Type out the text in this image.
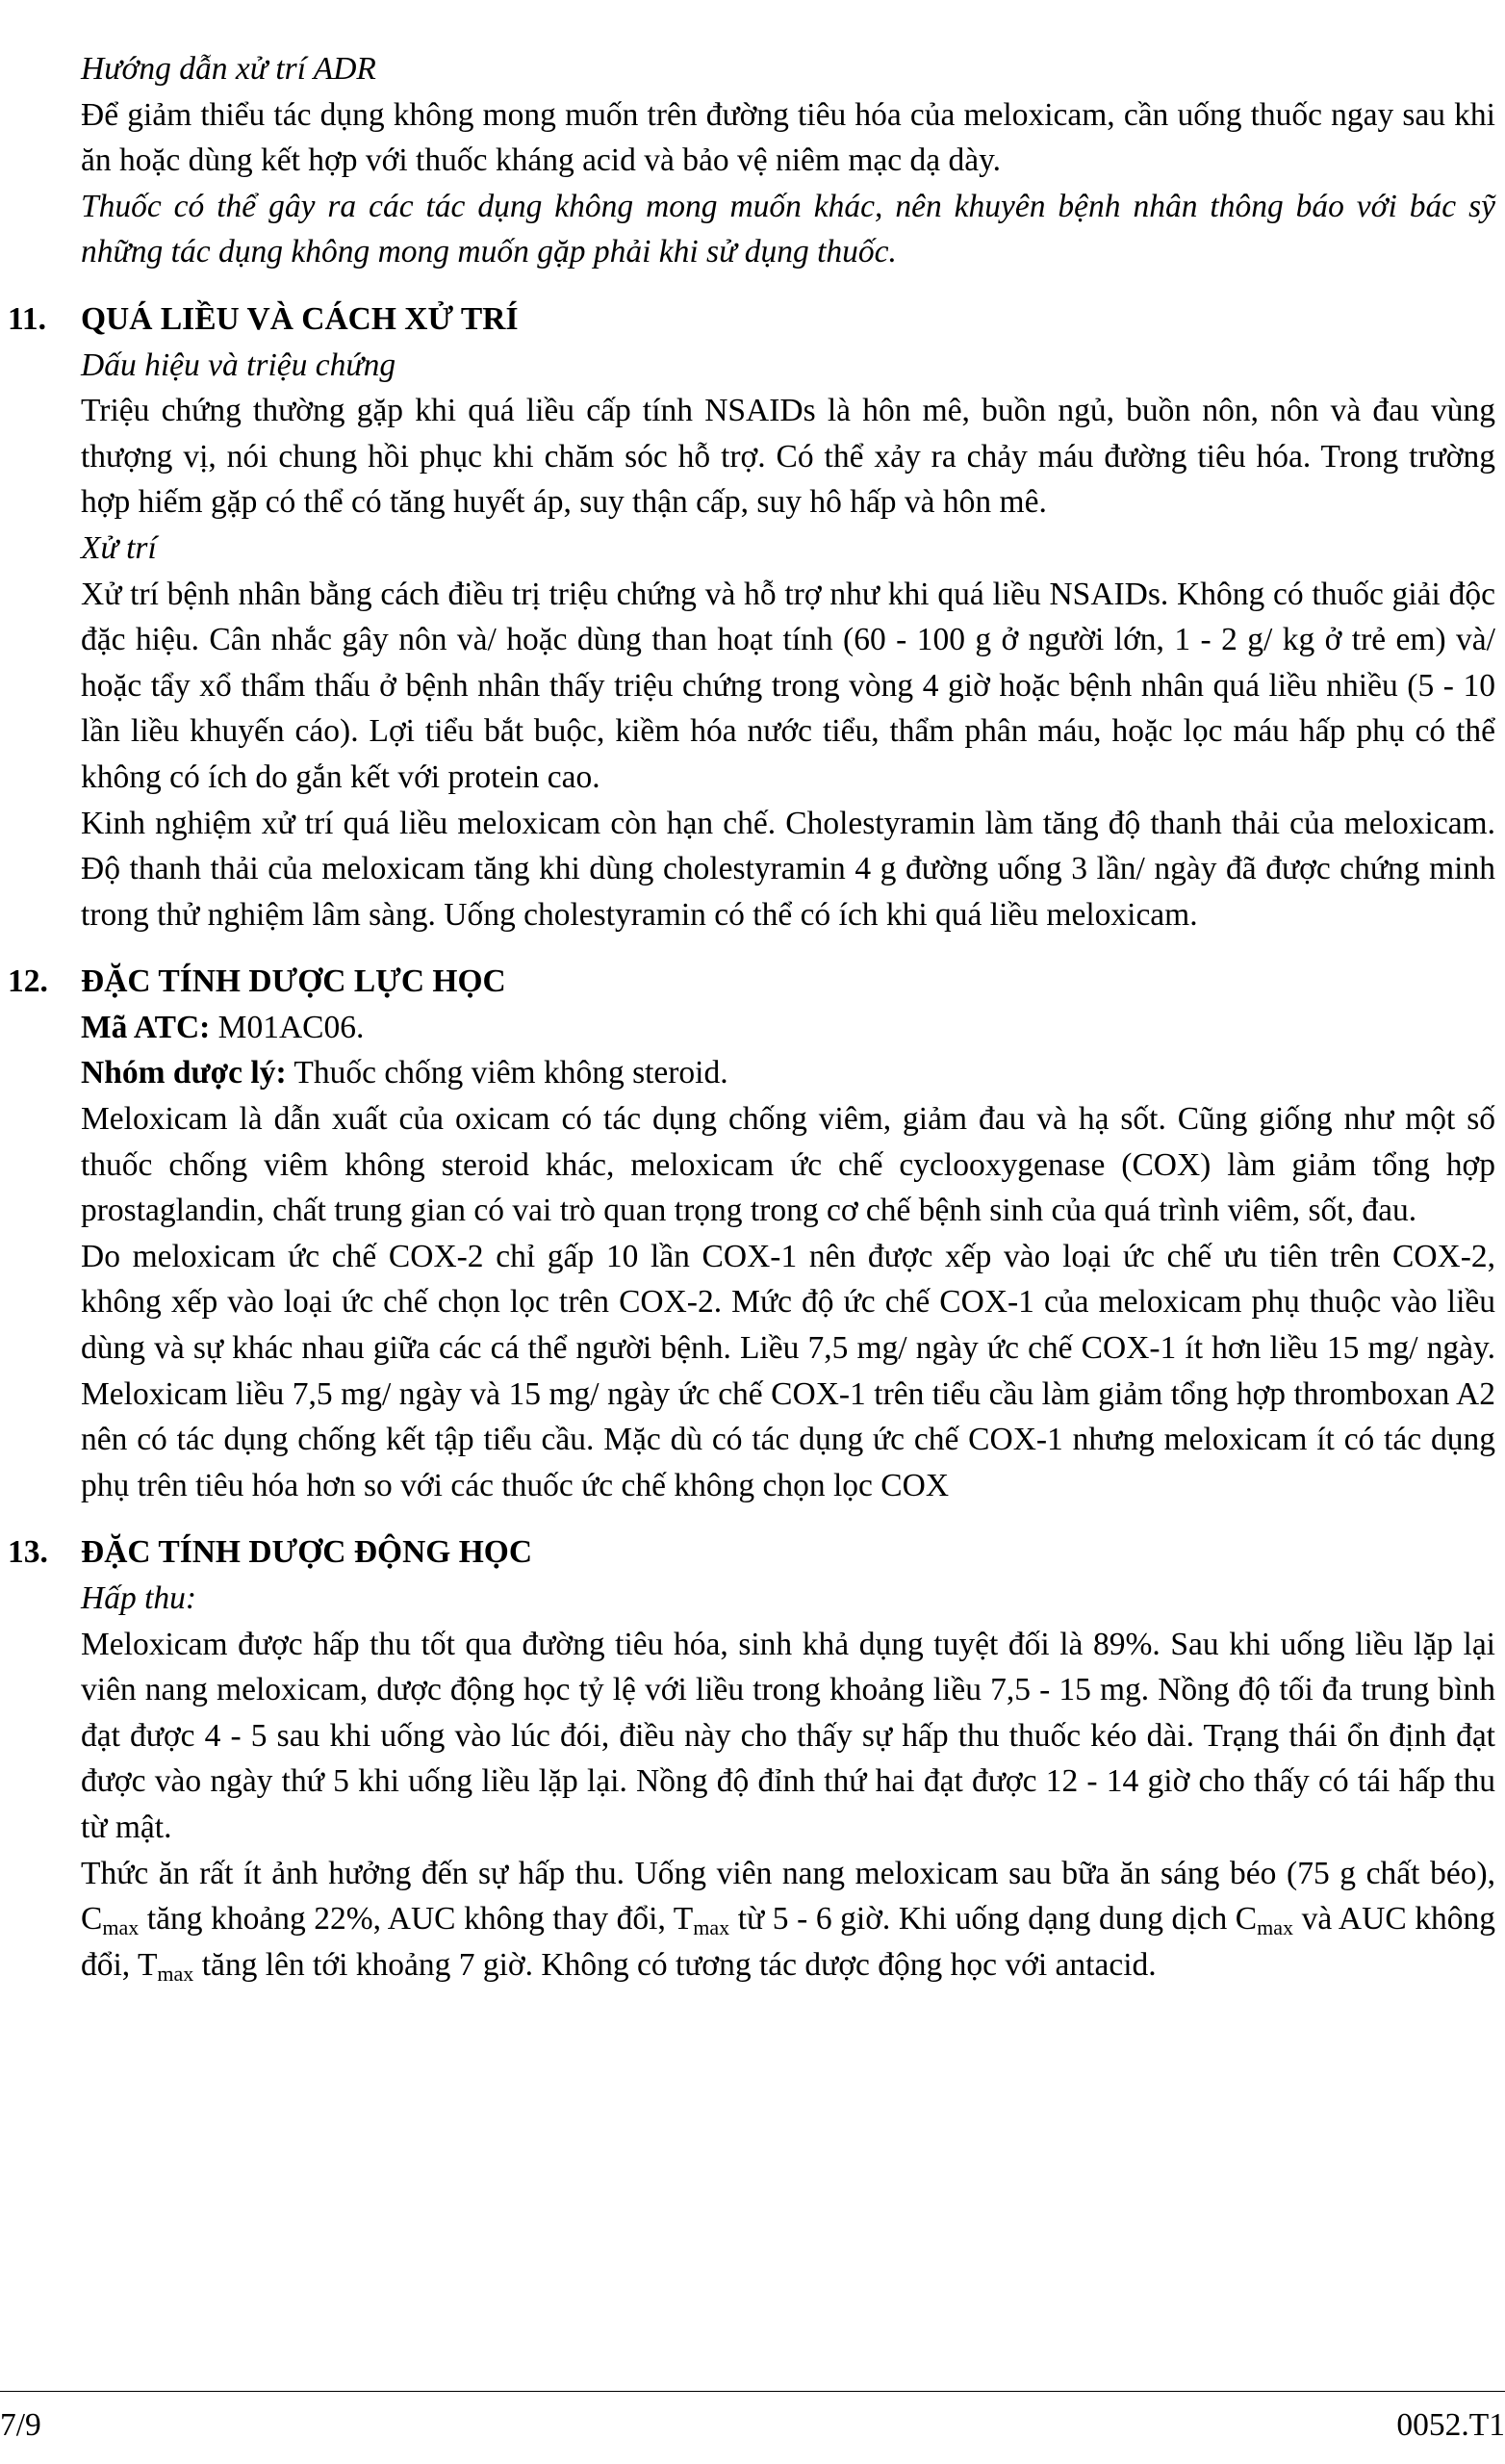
Hướng dẫn xử trí ADR

Để giảm thiểu tác dụng không mong muốn trên đường tiêu hóa của meloxicam, cần uống thuốc ngay sau khi ăn hoặc dùng kết hợp với thuốc kháng acid và bảo vệ niêm mạc dạ dày.

Thuốc có thể gây ra các tác dụng không mong muốn khác, nên khuyên bệnh nhân thông báo với bác sỹ những tác dụng không mong muốn gặp phải khi sử dụng thuốc.

11. QUÁ LIỀU VÀ CÁCH XỬ TRÍ
Dấu hiệu và triệu chứng

Triệu chứng thường gặp khi quá liều cấp tính NSAIDs là hôn mê, buồn ngủ, buồn nôn, nôn và đau vùng thượng vị, nói chung hồi phục khi chăm sóc hỗ trợ. Có thể xảy ra chảy máu đường tiêu hóa. Trong trường hợp hiếm gặp có thể có tăng huyết áp, suy thận cấp, suy hô hấp và hôn mê.

Xử trí

Xử trí bệnh nhân bằng cách điều trị triệu chứng và hỗ trợ như khi quá liều NSAIDs. Không có thuốc giải độc đặc hiệu. Cân nhắc gây nôn và/ hoặc dùng than hoạt tính (60 - 100 g ở người lớn, 1 - 2 g/ kg ở trẻ em) và/ hoặc tẩy xổ thẩm thấu ở bệnh nhân thấy triệu chứng trong vòng 4 giờ hoặc bệnh nhân quá liều nhiều (5 - 10 lần liều khuyến cáo). Lợi tiểu bắt buộc, kiềm hóa nước tiểu, thẩm phân máu, hoặc lọc máu hấp phụ có thể không có ích do gắn kết với protein cao.

Kinh nghiệm xử trí quá liều meloxicam còn hạn chế. Cholestyramin làm tăng độ thanh thải của meloxicam. Độ thanh thải của meloxicam tăng khi dùng cholestyramin 4 g đường uống 3 lần/ ngày đã được chứng minh trong thử nghiệm lâm sàng. Uống cholestyramin có thể có ích khi quá liều meloxicam.

12. ĐẶC TÍNH DƯỢC LỰC HỌC
Mã ATC: M01AC06.
Nhóm dược lý: Thuốc chống viêm không steroid.

Meloxicam là dẫn xuất của oxicam có tác dụng chống viêm, giảm đau và hạ sốt. Cũng giống như một số thuốc chống viêm không steroid khác, meloxicam ức chế cyclooxygenase (COX) làm giảm tổng hợp prostaglandin, chất trung gian có vai trò quan trọng trong cơ chế bệnh sinh của quá trình viêm, sốt, đau.

Do meloxicam ức chế COX-2 chỉ gấp 10 lần COX-1 nên được xếp vào loại ức chế ưu tiên trên COX-2, không xếp vào loại ức chế chọn lọc trên COX-2. Mức độ ức chế COX-1 của meloxicam phụ thuộc vào liều dùng và sự khác nhau giữa các cá thể người bệnh. Liều 7,5 mg/ ngày ức chế COX-1 ít hơn liều 15 mg/ ngày. Meloxicam liều 7,5 mg/ ngày và 15 mg/ ngày ức chế COX-1 trên tiểu cầu làm giảm tổng hợp thromboxan A2 nên có tác dụng chống kết tập tiểu cầu. Mặc dù có tác dụng ức chế COX-1 nhưng meloxicam ít có tác dụng phụ trên tiêu hóa hơn so với các thuốc ức chế không chọn lọc COX

13. ĐẶC TÍNH DƯỢC ĐỘNG HỌC
Hấp thu:

Meloxicam được hấp thu tốt qua đường tiêu hóa, sinh khả dụng tuyệt đối là 89%. Sau khi uống liều lặp lại viên nang meloxicam, dược động học tỷ lệ với liều trong khoảng liều 7,5 - 15 mg. Nồng độ tối đa trung bình đạt được 4 - 5 sau khi uống vào lúc đói, điều này cho thấy sự hấp thu thuốc kéo dài. Trạng thái ổn định đạt được vào ngày thứ 5 khi uống liều lặp lại. Nồng độ đỉnh thứ hai đạt được 12 - 14 giờ cho thấy có tái hấp thu từ mật.

Thức ăn rất ít ảnh hưởng đến sự hấp thu. Uống viên nang meloxicam sau bữa ăn sáng béo (75 g chất béo), $C_{max}$ tăng khoảng 22%, AUC không thay đổi, $T_{max}$ từ 5 - 6 giờ. Khi uống dạng dung dịch $C_{max}$ và AUC không đổi, $T_{max}$ tăng lên tới khoảng 7 giờ. Không có tương tác dược động học với antacid.

7/9	0052.T1
